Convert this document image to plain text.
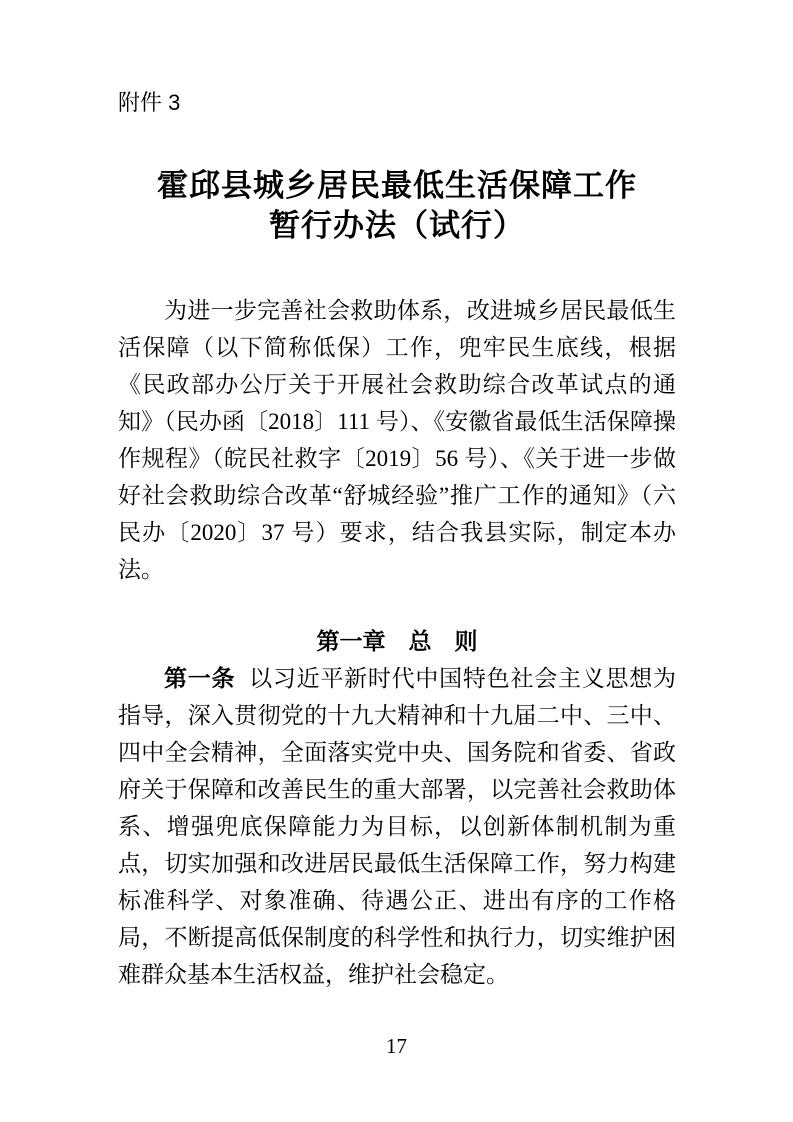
附件 3
霍邱县城乡居民最低生活保障工作
暂行办法（试行）

为进一步完善社会救助体系，改进城乡居民最低生活保障（以下简称低保）工作，兜牢民生底线，根据《民政部办公厅关于开展社会救助综合改革试点的通知》（民办函〔2018〕111 号）、《安徽省最低生活保障操作规程》（皖民社救字〔2019〕56 号）、《关于进一步做好社会救助综合改革“舒城经验”推广工作的通知》（六民办〔2020〕37 号）要求，结合我县实际，制定本办法。

第一章　总　则

第一条 以习近平新时代中国特色社会主义思想为指导，深入贯彻党的十九大精神和十九届二中、三中、四中全会精神，全面落实党中央、国务院和省委、省政府关于保障和改善民生的重大部署，以完善社会救助体系、增强兜底保障能力为目标，以创新体制机制为重点，切实加强和改进居民最低生活保障工作，努力构建标准科学、对象准确、待遇公正、进出有序的工作格局，不断提高低保制度的科学性和执行力，切实维护困难群众基本生活权益，维护社会稳定。

17
